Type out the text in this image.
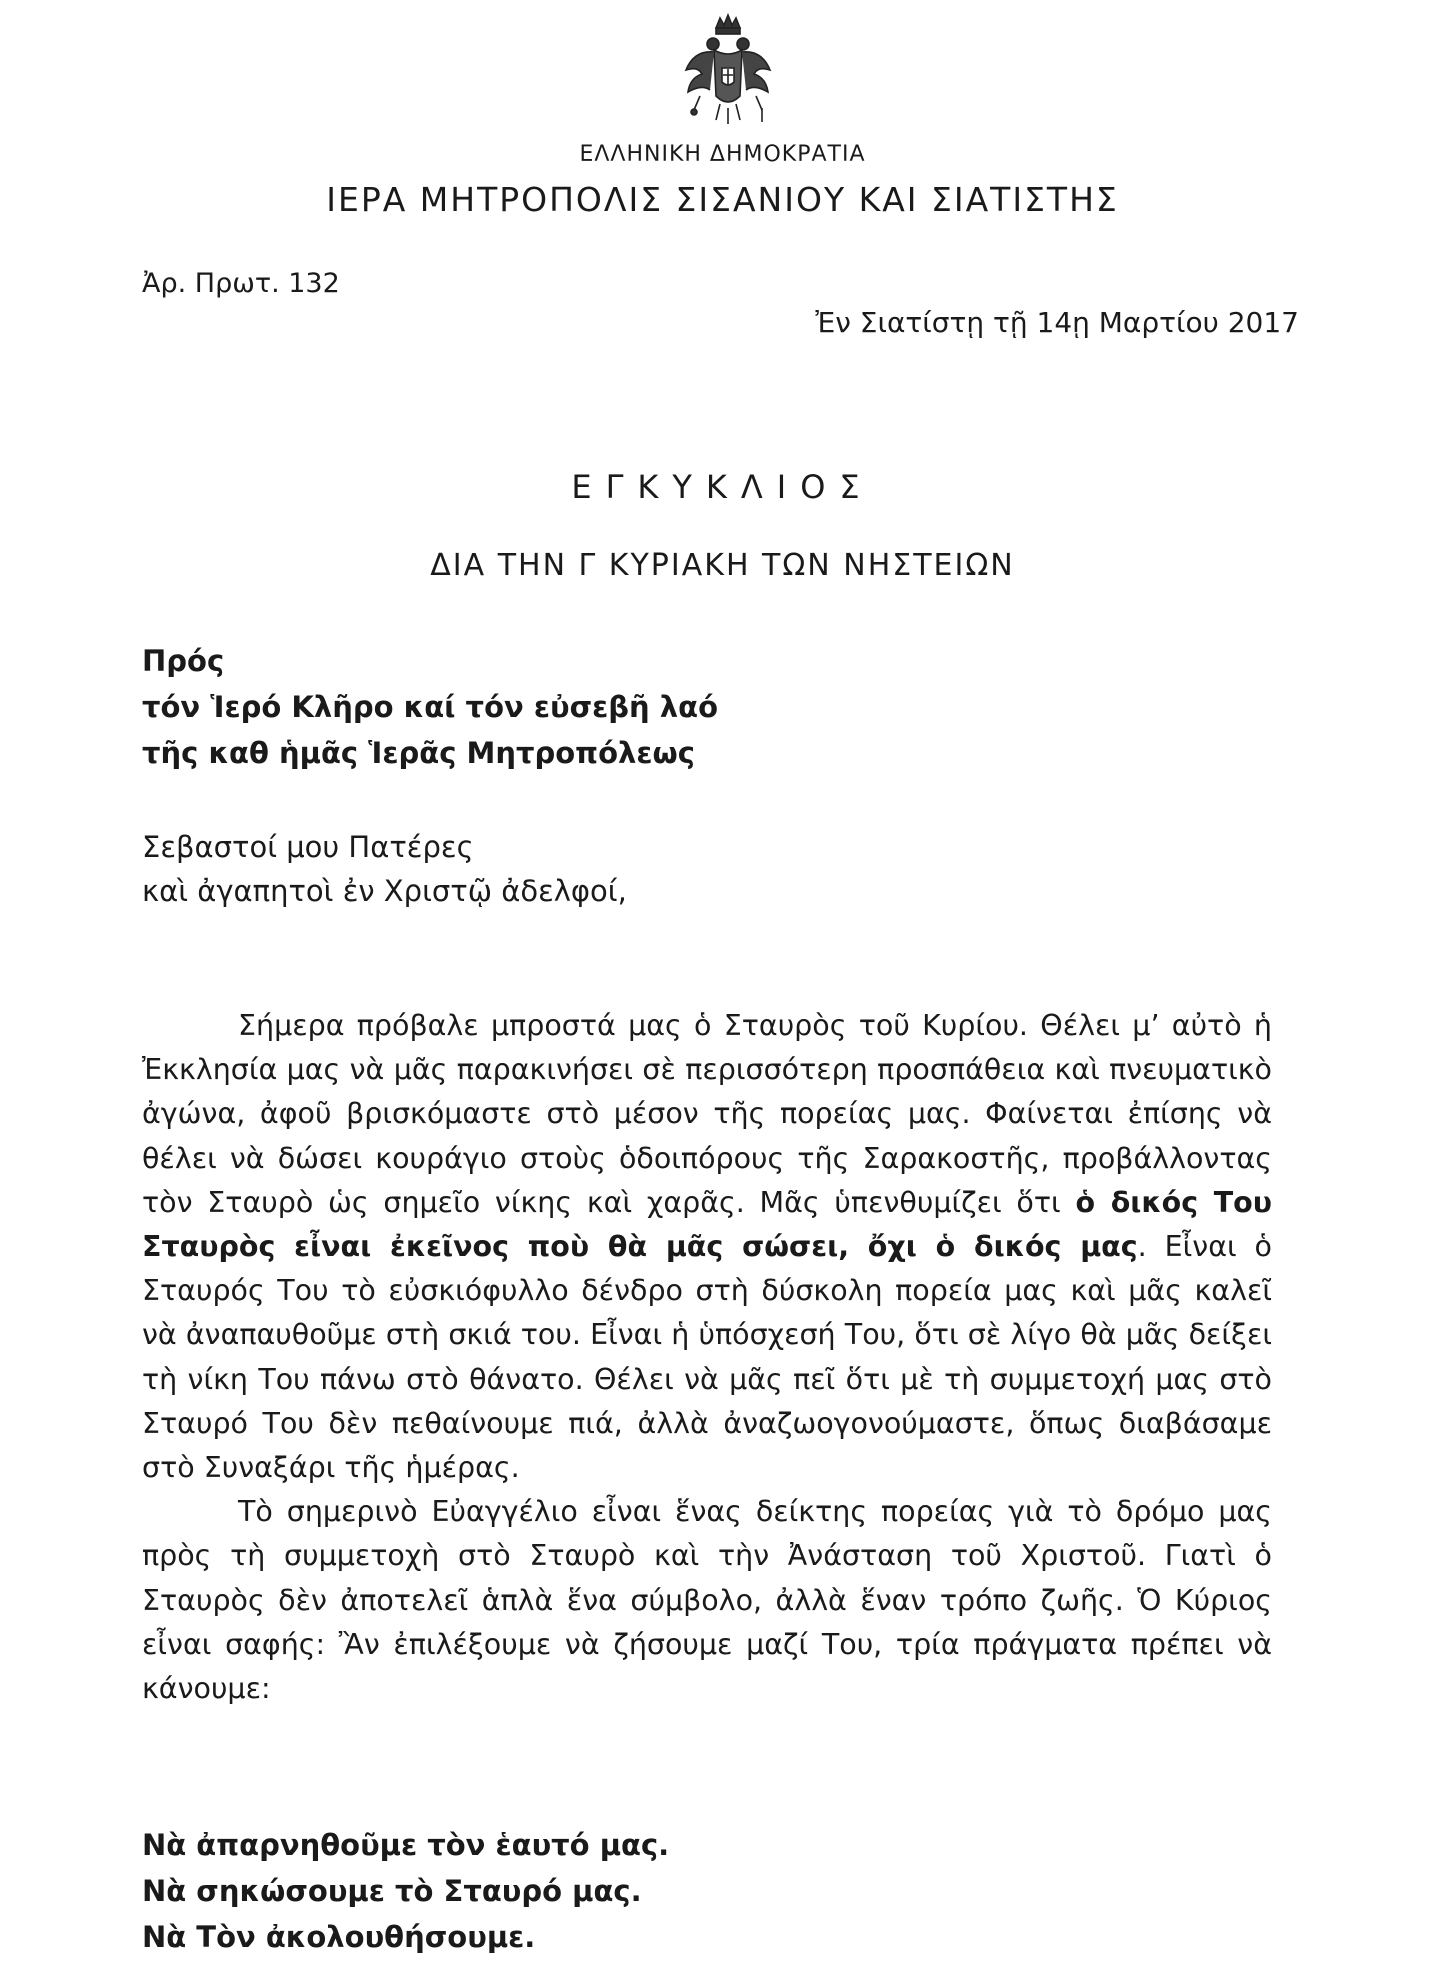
ΕΛΛΗΝΙΚΗ ΔΗΜΟΚΡΑΤΙΑ
ΙΕΡΑ ΜΗΤΡΟΠΟΛΙΣ ΣΙΣΑΝΙΟΥ ΚΑΙ ΣΙΑΤΙΣΤΗΣ
Ἀρ. Πρωτ. 132
Ἐν Σιατίστῃ τῇ 14ῃ Μαρτίου 2017
ΕΓΚΥΚΛΙΟΣ
ΔΙΑ ΤΗΝ Γ ΚΥΡΙΑΚΗ ΤΩΝ ΝΗΣΤΕΙΩΝ
Πρός
τόν Ἱερό Κλῆρο καί τόν εὐσεβῆ λαό
τῆς καθ ἡμᾶς Ἱερᾶς Μητροπόλεως
Σεβαστοί μου Πατέρες
καὶ ἀγαπητοὶ ἐν Χριστῷ ἀδελφοί,

Σήμερα πρόβαλε μπροστά μας ὁ Σταυρὸς τοῦ Κυρίου. Θέλει μ’ αὐτὸ ἡ Ἐκκλησία μας νὰ μᾶς παρακινήσει σὲ περισσότερη προσπάθεια καὶ πνευματικὸ ἀγώνα, ἀφοῦ βρισκόμαστε στὸ μέσον τῆς πορείας μας. Φαίνεται ἐπίσης νὰ θέλει νὰ δώσει κουράγιο στοὺς ὁδοιπόρους τῆς Σαρακοστῆς, προβάλλοντας τὸν Σταυρὸ ὡς σημεῖο νίκης καὶ χαρᾶς. Μᾶς ὑπενθυμίζει ὅτι ὁ δικός Του Σταυρὸς εἶναι ἐκεῖνος ποὺ θὰ μᾶς σώσει, ὄχι ὁ δικός μας. Εἶναι ὁ Σταυρός Του τὸ εὐσκιόφυλλο δένδρο στὴ δύσκολη πορεία μας καὶ μᾶς καλεῖ νὰ ἀναπαυθοῦμε στὴ σκιά του. Εἶναι ἡ ὑπόσχεσή Του, ὅτι σὲ λίγο θὰ μᾶς δείξει τὴ νίκη Του πάνω στὸ θάνατο. Θέλει νὰ μᾶς πεῖ ὅτι μὲ τὴ συμμετοχή μας στὸ Σταυρό Του δὲν πεθαίνουμε πιά, ἀλλὰ ἀναζωογονούμαστε, ὅπως διαβάσαμε στὸ Συναξάρι τῆς ἡμέρας.

Τὸ σημερινὸ Εὐαγγέλιο εἶναι ἕνας δείκτης πορείας γιὰ τὸ δρόμο μας πρὸς τὴ συμμετοχὴ στὸ Σταυρὸ καὶ τὴν Ἀνάσταση τοῦ Χριστοῦ. Γιατὶ ὁ Σταυρὸς δὲν ἀποτελεῖ ἁπλὰ ἕνα σύμβολο, ἀλλὰ ἕναν τρόπο ζωῆς. Ὁ Κύριος εἶναι σαφής: Ἂν ἐπιλέξουμε νὰ ζήσουμε μαζί Του, τρία πράγματα πρέπει νὰ κάνουμε:

Νὰ ἀπαρνηθοῦμε τὸν ἑαυτό μας.
Νὰ σηκώσουμε τὸ Σταυρό μας.
Νὰ Τὸν ἀκολουθήσουμε.
